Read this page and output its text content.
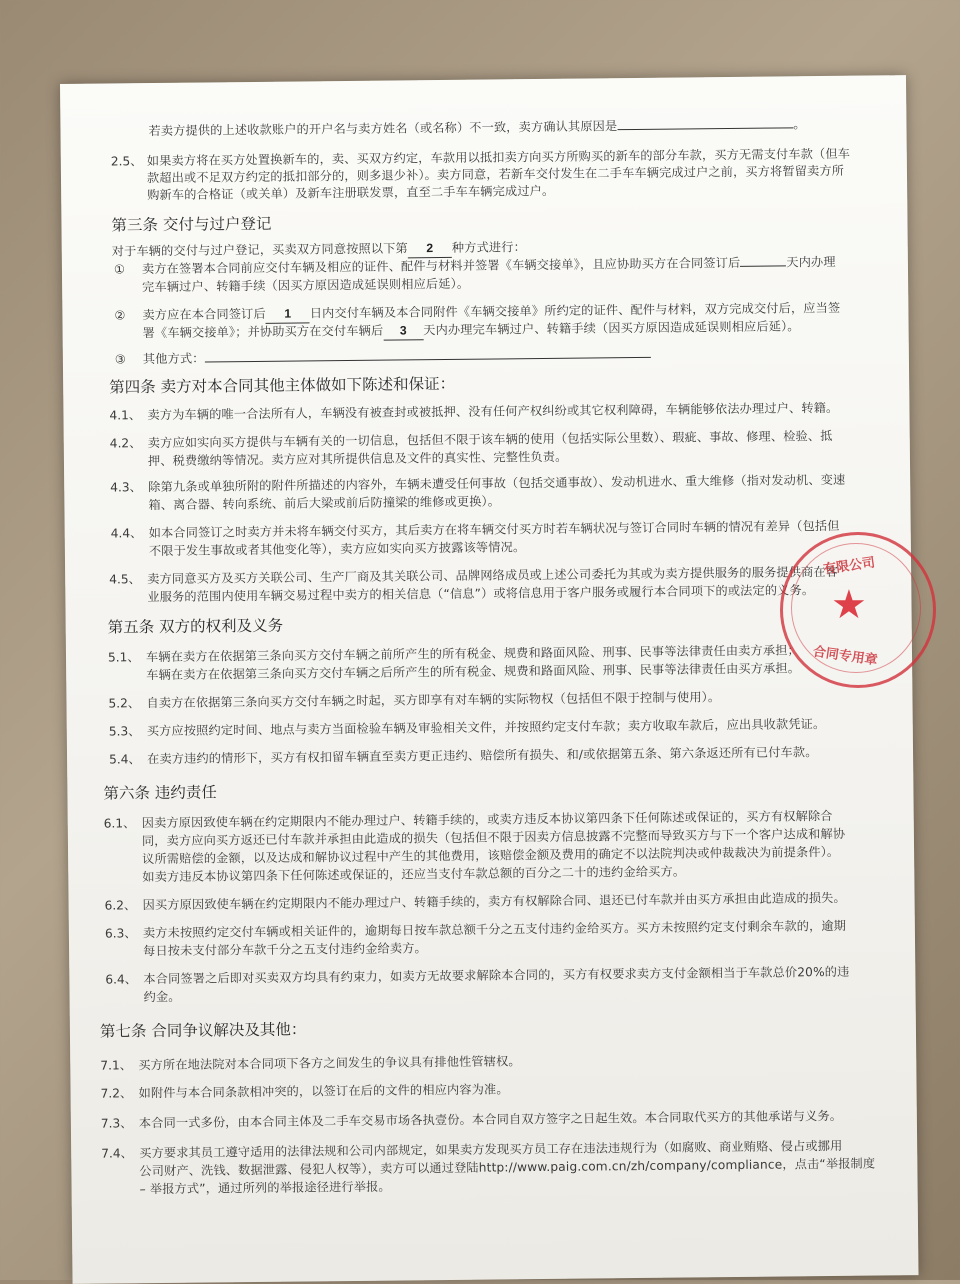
若卖方提供的上述收款账户的开户名与卖方姓名（或名称）不一致，卖方确认其原因是	。
2.5、 如果卖方将在买方处置换新车的，卖、买双方约定，车款用以抵扣卖方向买方所购买的新车的部分车款，买方无需支付车款（但车
款超出或不足双方约定的抵扣部分的，则多退少补）。卖方同意，若新车交付发生在二手车车辆完成过户之前，买方将暂留卖方所
购新车的合格证（或关单）及新车注册联发票，直至二手车车辆完成过户。
第三条 交付与过户登记
对于车辆的交付与过户登记，买卖双方同意按照以下第 2 种方式进行：
① 卖方在签署本合同前应交付车辆及相应的证件、配件与材料并签署《车辆交接单》，且应协助买方在合同签订后	天内办理
完车辆过户、转籍手续（因买方原因造成延误则相应后延）。
② 卖方应在本合同签订后 1 日内交付车辆及本合同附件《车辆交接单》所约定的证件、配件与材料，双方完成交付后，应当签
署《车辆交接单》；并协助买方在交付车辆后 3 天内办理完车辆过户、转籍手续（因买方原因造成延误则相应后延）。
③ 其他方式：
第四条 卖方对本合同其他主体做如下陈述和保证：
4.1、 卖方为车辆的唯一合法所有人，车辆没有被查封或被抵押、没有任何产权纠纷或其它权利障碍，车辆能够依法办理过户、转籍。
4.2、 卖方应如实向买方提供与车辆有关的一切信息，包括但不限于该车辆的使用（包括实际公里数）、瑕疵、事故、修理、检验、抵
押、税费缴纳等情况。卖方应对其所提供信息及文件的真实性、完整性负责。
4.3、 除第九条或单独所附的附件所描述的内容外，车辆未遭受任何事故（包括交通事故）、发动机进水、重大维修（指对发动机、变速
箱、离合器、转向系统、前后大梁或前后防撞梁的维修或更换）。
4.4、 如本合同签订之时卖方并未将车辆交付买方，其后卖方在将车辆交付买方时若车辆状况与签订合同时车辆的情况有差异（包括但
不限于发生事故或者其他变化等），卖方应如实向买方披露该等情况。
4.5、 卖方同意买方及买方关联公司、生产厂商及其关联公司、品牌网络成员或上述公司委托为其或为卖方提供服务的服务提供商在客
业服务的范围内使用车辆交易过程中卖方的相关信息（“信息”）或将信息用于客户服务或履行本合同项下的或法定的义务。
第五条 双方的权利及义务
5.1、 车辆在卖方在依据第三条向买方交付车辆之前所产生的所有税金、规费和路面风险、刑事、民事等法律责任由卖方承担；
车辆在卖方在依据第三条向买方交付车辆之后所产生的所有税金、规费和路面风险、刑事、民事等法律责任由买方承担。
5.2、 自卖方在依据第三条向买方交付车辆之时起，买方即享有对车辆的实际物权（包括但不限于控制与使用）。
5.3、 买方应按照约定时间、地点与卖方当面检验车辆及审验相关文件，并按照约定支付车款；卖方收取车款后，应出具收款凭证。
5.4、 在卖方违约的情形下，买方有权扣留车辆直至卖方更正违约、赔偿所有损失、和/或依据第五条、第六条返还所有已付车款。
第六条 违约责任
6.1、 因卖方原因致使车辆在约定期限内不能办理过户、转籍手续的，或卖方违反本协议第四条下任何陈述或保证的，买方有权解除合
同，卖方应向买方返还已付车款并承担由此造成的损失（包括但不限于因卖方信息披露不完整而导致买方与下一个客户达成和解协
议所需赔偿的金额，以及达成和解协议过程中产生的其他费用，该赔偿金额及费用的确定不以法院判决或仲裁裁决为前提条件）。
如卖方违反本协议第四条下任何陈述或保证的，还应当支付车款总额的百分之二十的违约金给买方。
6.2、 因买方原因致使车辆在约定期限内不能办理过户、转籍手续的，卖方有权解除合同、退还已付车款并由买方承担由此造成的损失。
6.3、 卖方未按照约定交付车辆或相关证件的，逾期每日按车款总额千分之五支付违约金给买方。买方未按照约定支付剩余车款的，逾期
每日按未支付部分车款千分之五支付违约金给卖方。
6.4、 本合同签署之后即对买卖双方均具有约束力，如卖方无故要求解除本合同的，买方有权要求卖方支付金额相当于车款总价20%的违
约金。
第七条 合同争议解决及其他：
7.1、 买方所在地法院对本合同项下各方之间发生的争议具有排他性管辖权。
7.2、 如附件与本合同条款相冲突的，以签订在后的文件的相应内容为准。
7.3、 本合同一式多份，由本合同主体及二手车交易市场各执壹份。本合同自双方签字之日起生效。本合同取代买方的其他承诺与义务。
7.4、 买方要求其员工遵守适用的法律法规和公司内部规定，如果卖方发现买方员工存在违法违规行为（如腐败、商业贿赂、侵占或挪用
公司财产、洗钱、数据泄露、侵犯人权等），卖方可以通过登陆http://www.paig.com.cn/zh/company/compliance，点击“举报制度
– 举报方式”，通过所列的举报途径进行举报。
★
有限公司
合同专用章
